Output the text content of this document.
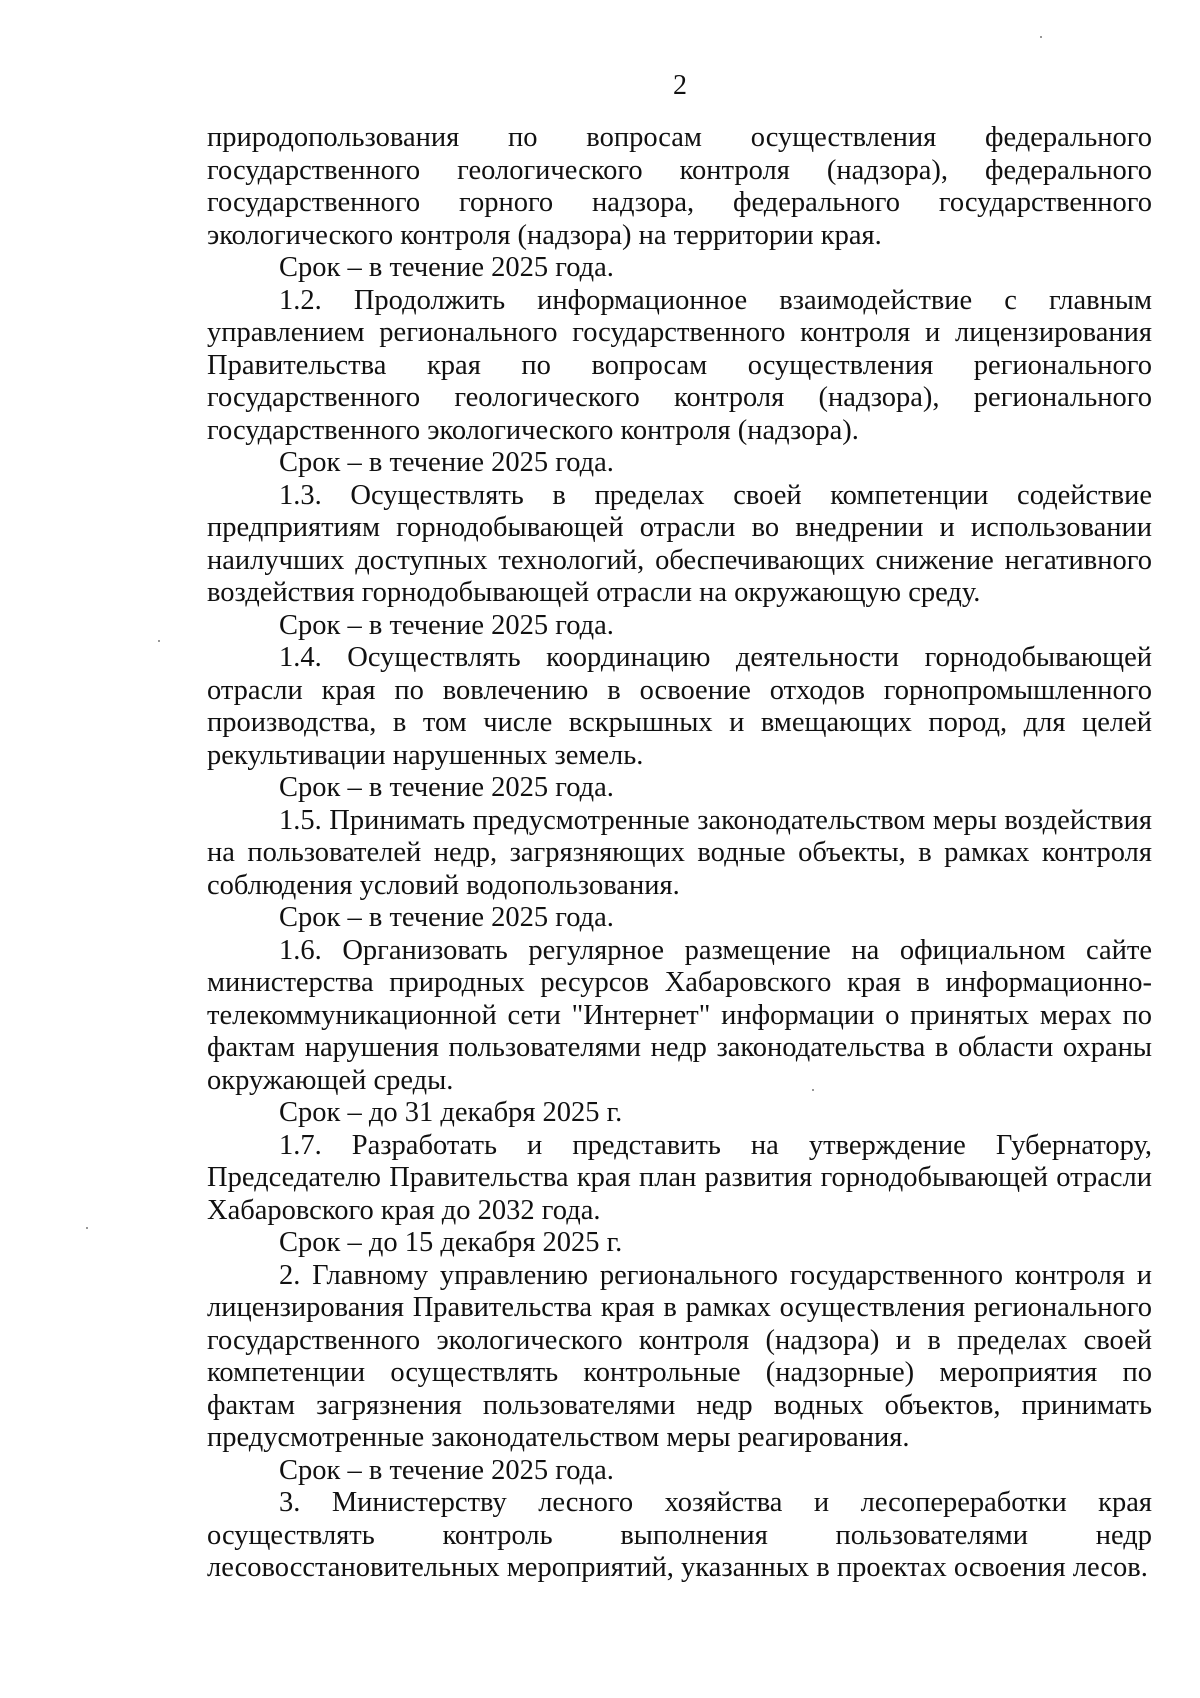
2

природопользования по вопросам осуществления федерального государственного геологического контроля (надзора), федерального государственного горного надзора, федерального государственного экологического контроля (надзора) на территории края.

Срок – в течение 2025 года.

1.2. Продолжить информационное взаимодействие с главным управлением регионального государственного контроля и лицензирования Правительства края по вопросам осуществления регионального государственного геологического контроля (надзора), регионального государственного экологического контроля (надзора).

Срок – в течение 2025 года.

1.3. Осуществлять в пределах своей компетенции содействие предприятиям горнодобывающей отрасли во внедрении и использовании наилучших доступных технологий, обеспечивающих снижение негативного воздействия горнодобывающей отрасли на окружающую среду.

Срок – в течение 2025 года.

1.4. Осуществлять координацию деятельности горнодобывающей отрасли края по вовлечению в освоение отходов горнопромышленного производства, в том числе вскрышных и вмещающих пород, для целей рекультивации нарушенных земель.

Срок – в течение 2025 года.

1.5. Принимать предусмотренные законодательством меры воздействия на пользователей недр, загрязняющих водные объекты, в рамках контроля соблюдения условий водопользования.

Срок – в течение 2025 года.

1.6. Организовать регулярное размещение на официальном сайте министерства природных ресурсов Хабаровского края в информационно-телекоммуникационной сети "Интернет" информации о принятых мерах по фактам нарушения пользователями недр законодательства в области охраны окружающей среды.

Срок – до 31 декабря 2025 г.

1.7. Разработать и представить на утверждение Губернатору, Председателю Правительства края план развития горнодобывающей отрасли Хабаровского края до 2032 года.

Срок – до 15 декабря 2025 г.

2. Главному управлению регионального государственного контроля и лицензирования Правительства края в рамках осуществления регионального государственного экологического контроля (надзора) и в пределах своей компетенции осуществлять контрольные (надзорные) мероприятия по фактам загрязнения пользователями недр водных объектов, принимать предусмотренные законодательством меры реагирования.

Срок – в течение 2025 года.

3. Министерству лесного хозяйства и лесопереработки края осуществлять контроль выполнения пользователями недр лесовосстановительных мероприятий, указанных в проектах освоения лесов.
